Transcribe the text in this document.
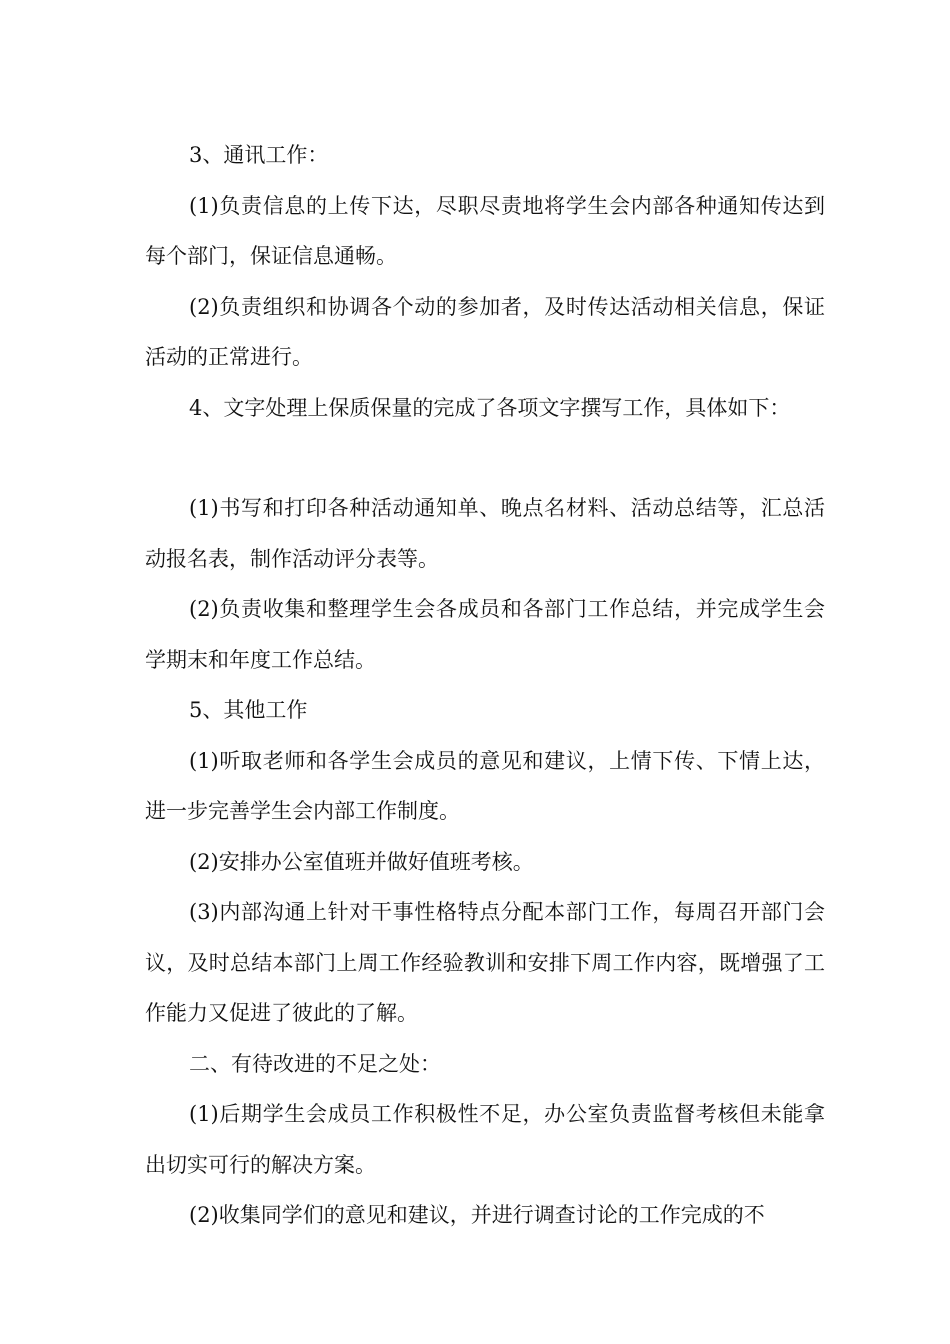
3、通讯工作：

(1)负责信息的上传下达，尽职尽责地将学生会内部各种通知传达到每个部门，保证信息通畅。

(2)负责组织和协调各个动的参加者，及时传达活动相关信息，保证活动的正常进行。

4、文字处理上保质保量的完成了各项文字撰写工作，具体如下：

(1)书写和打印各种活动通知单、晚点名材料、活动总结等，汇总活动报名表，制作活动评分表等。

(2)负责收集和整理学生会各成员和各部门工作总结，并完成学生会学期末和年度工作总结。

5、其他工作

(1)听取老师和各学生会成员的意见和建议，上情下传、下情上达，进一步完善学生会内部工作制度。

(2)安排办公室值班并做好值班考核。

(3)内部沟通上针对干事性格特点分配本部门工作，每周召开部门会议，及时总结本部门上周工作经验教训和安排下周工作内容，既增强了工作能力又促进了彼此的了解。

二、有待改进的不足之处：

(1)后期学生会成员工作积极性不足，办公室负责监督考核但未能拿出切实可行的解决方案。

(2)收集同学们的意见和建议，并进行调查讨论的工作完成的不
